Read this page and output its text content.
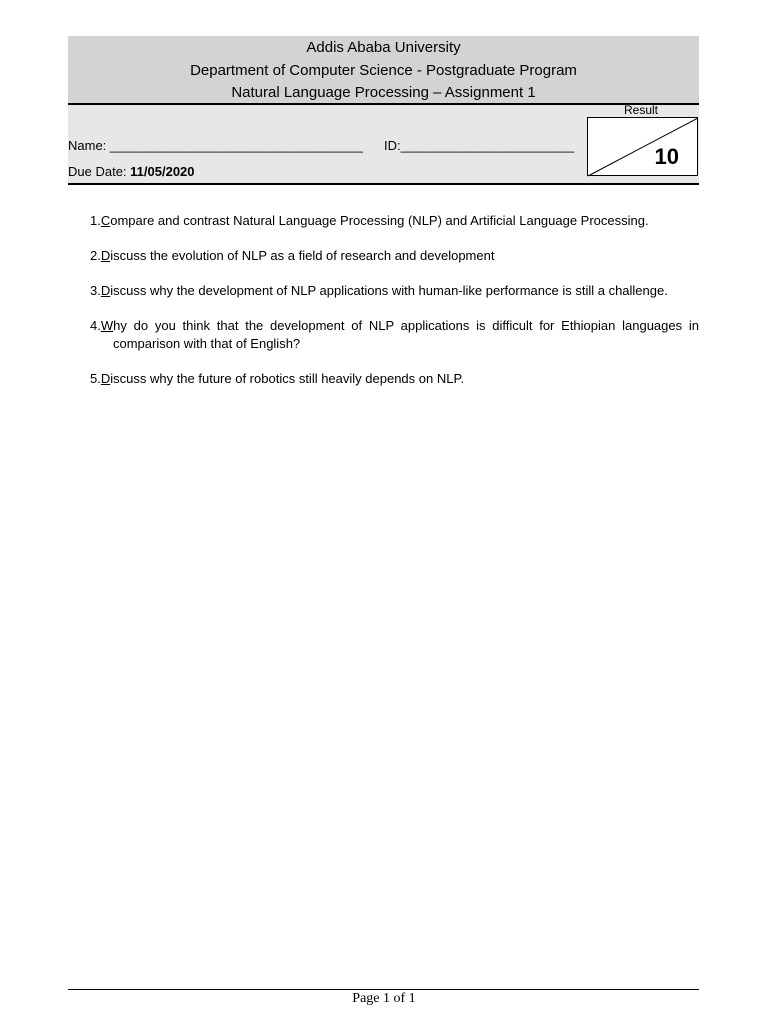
Addis Ababa University
Department of Computer Science - Postgraduate Program
Natural Language Processing – Assignment 1
Name: ___________________________________ ID:________________________
Due Date: 11/05/2020
Result
10
1.Compare and contrast Natural Language Processing (NLP) and Artificial Language Processing.
2.Discuss the evolution of NLP as a field of research and development
3.Discuss why the development of NLP applications with human-like performance is still a challenge.
4.Why do you think that the development of NLP applications is difficult for Ethiopian languages in comparison with that of English?
5.Discuss why the future of robotics still heavily depends on NLP.
Page 1 of 1
